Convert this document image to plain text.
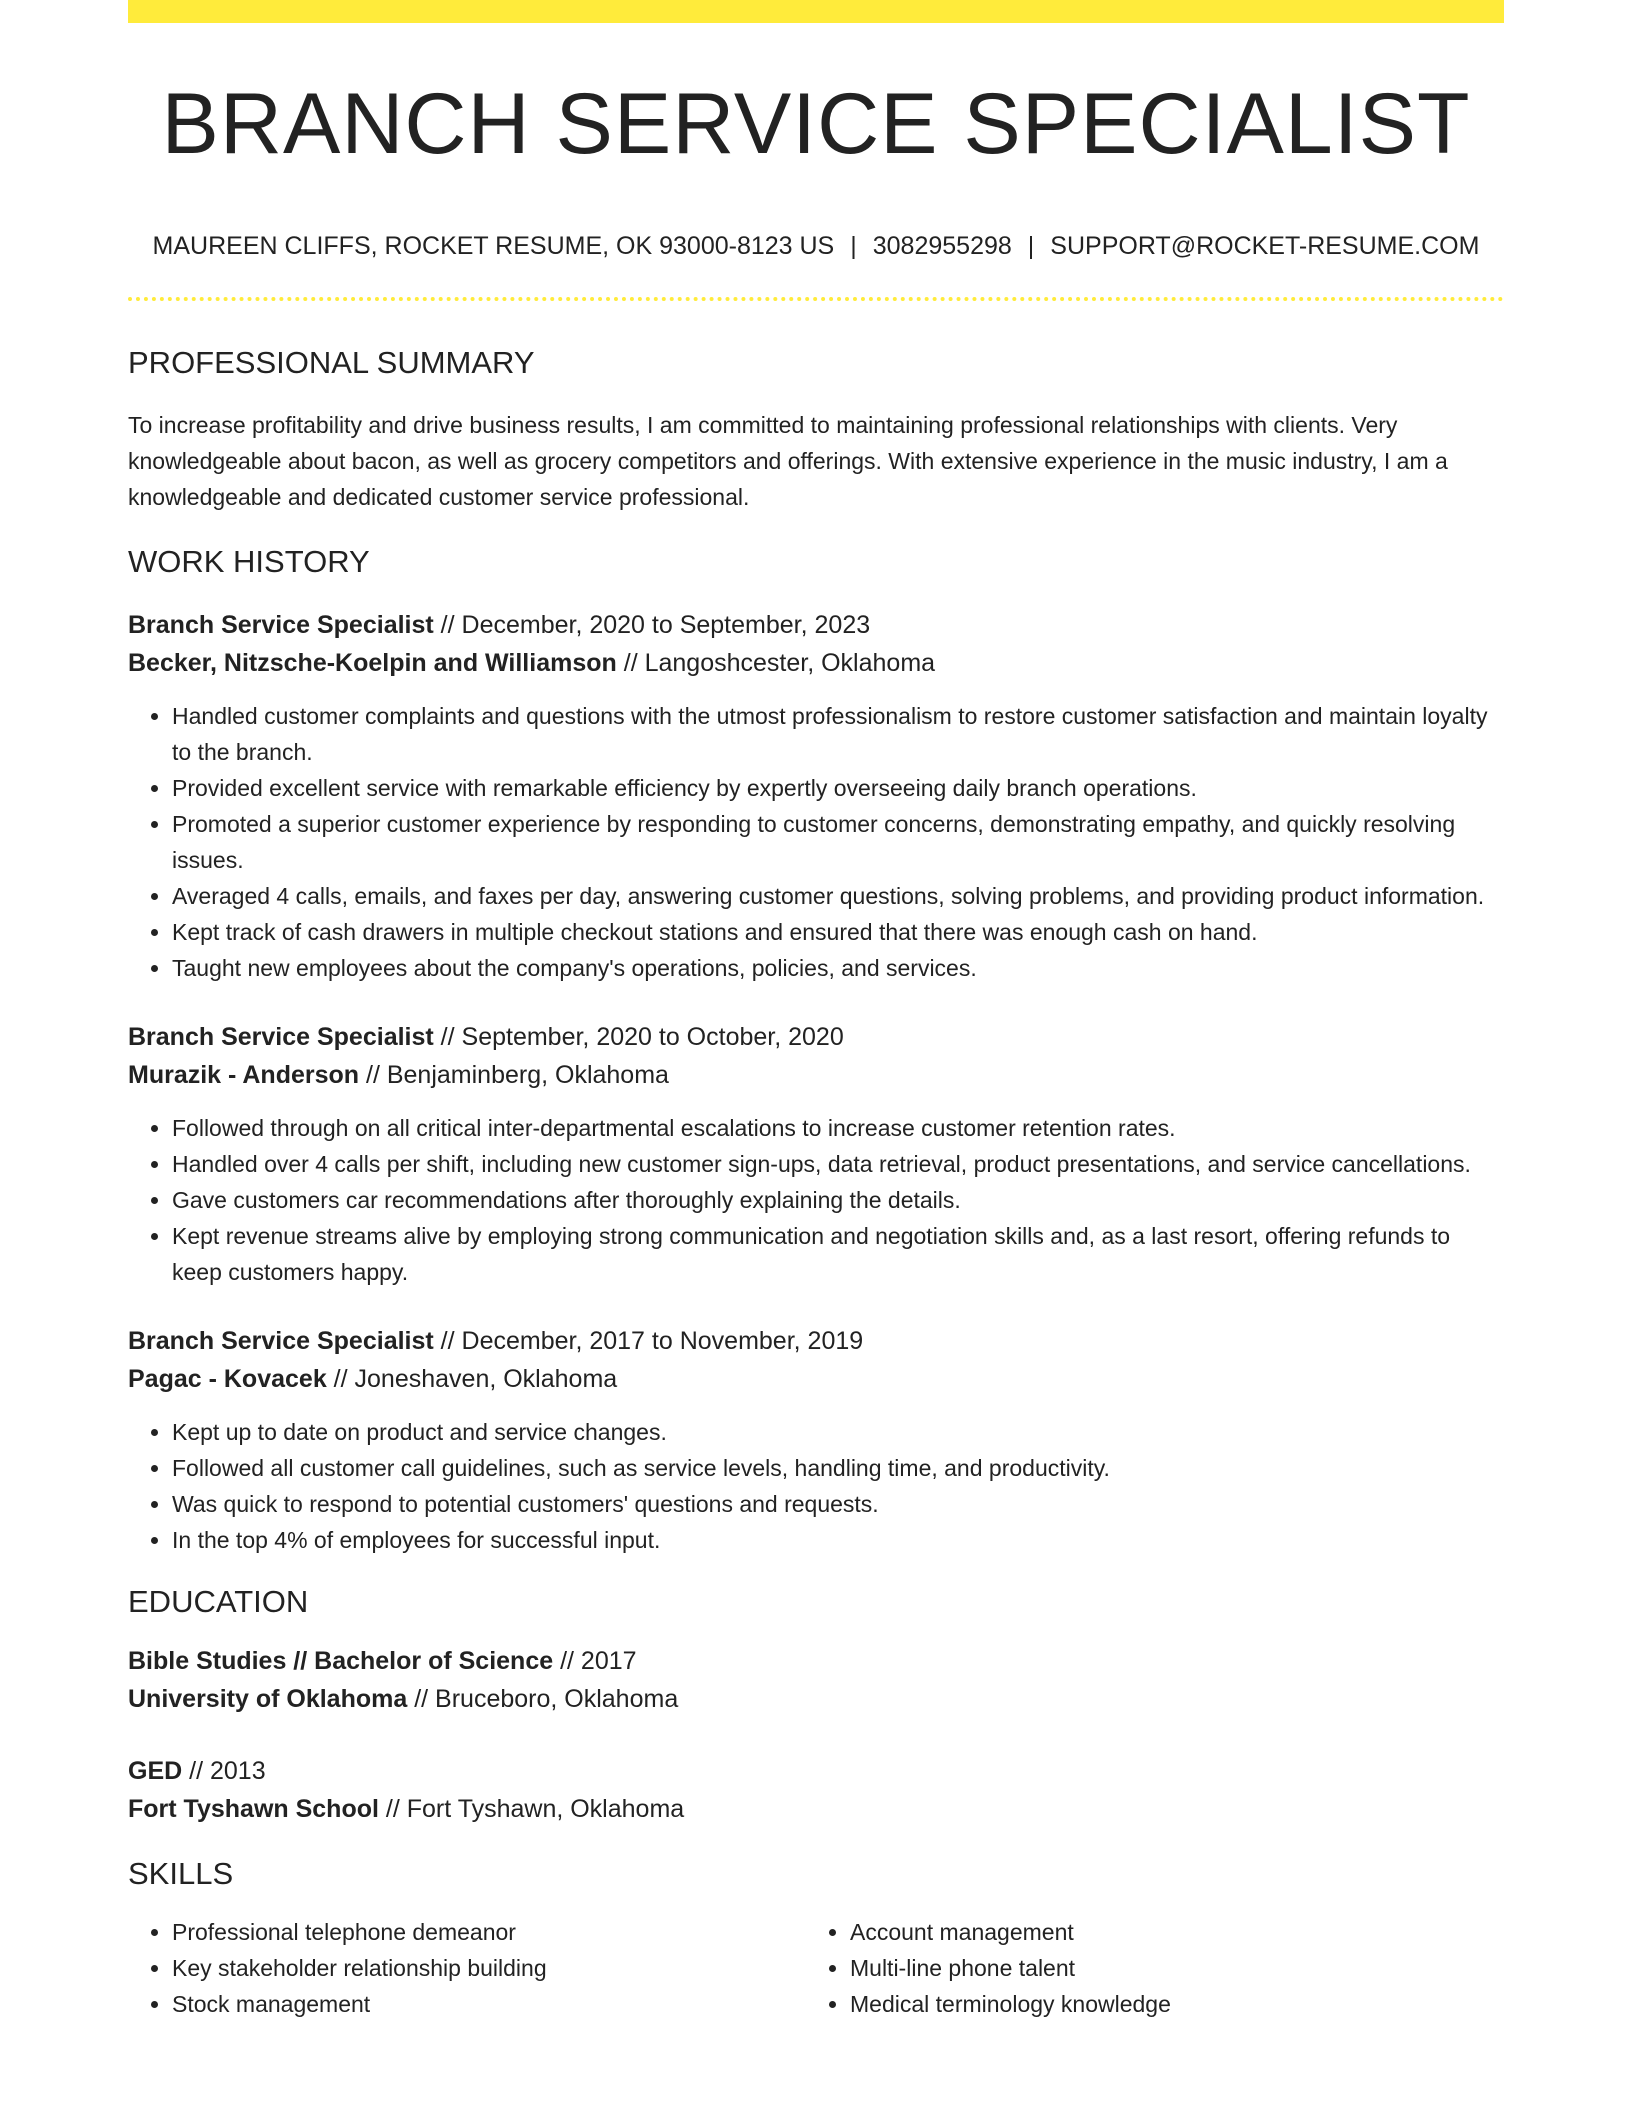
BRANCH SERVICE SPECIALIST
MAUREEN CLIFFS, ROCKET RESUME, OK 93000-8123 US | 3082955298 | SUPPORT@ROCKET-RESUME.COM
PROFESSIONAL SUMMARY
To increase profitability and drive business results, I am committed to maintaining professional relationships with clients. Very knowledgeable about bacon, as well as grocery competitors and offerings. With extensive experience in the music industry, I am a knowledgeable and dedicated customer service professional.
WORK HISTORY
Branch Service Specialist // December, 2020 to September, 2023
Becker, Nitzsche-Koelpin and Williamson // Langoshcester, Oklahoma
• Handled customer complaints and questions with the utmost professionalism to restore customer satisfaction and maintain loyalty to the branch.
• Provided excellent service with remarkable efficiency by expertly overseeing daily branch operations.
• Promoted a superior customer experience by responding to customer concerns, demonstrating empathy, and quickly resolving issues.
• Averaged 4 calls, emails, and faxes per day, answering customer questions, solving problems, and providing product information.
• Kept track of cash drawers in multiple checkout stations and ensured that there was enough cash on hand.
• Taught new employees about the company's operations, policies, and services.
Branch Service Specialist // September, 2020 to October, 2020
Murazik - Anderson // Benjaminberg, Oklahoma
• Followed through on all critical inter-departmental escalations to increase customer retention rates.
• Handled over 4 calls per shift, including new customer sign-ups, data retrieval, product presentations, and service cancellations.
• Gave customers car recommendations after thoroughly explaining the details.
• Kept revenue streams alive by employing strong communication and negotiation skills and, as a last resort, offering refunds to keep customers happy.
Branch Service Specialist // December, 2017 to November, 2019
Pagac - Kovacek // Joneshaven, Oklahoma
• Kept up to date on product and service changes.
• Followed all customer call guidelines, such as service levels, handling time, and productivity.
• Was quick to respond to potential customers' questions and requests.
• In the top 4% of employees for successful input.
EDUCATION
Bible Studies // Bachelor of Science // 2017
University of Oklahoma // Bruceboro, Oklahoma
GED // 2013
Fort Tyshawn School // Fort Tyshawn, Oklahoma
SKILLS
• Professional telephone demeanor
• Key stakeholder relationship building
• Stock management
• Account management
• Multi-line phone talent
• Medical terminology knowledge
